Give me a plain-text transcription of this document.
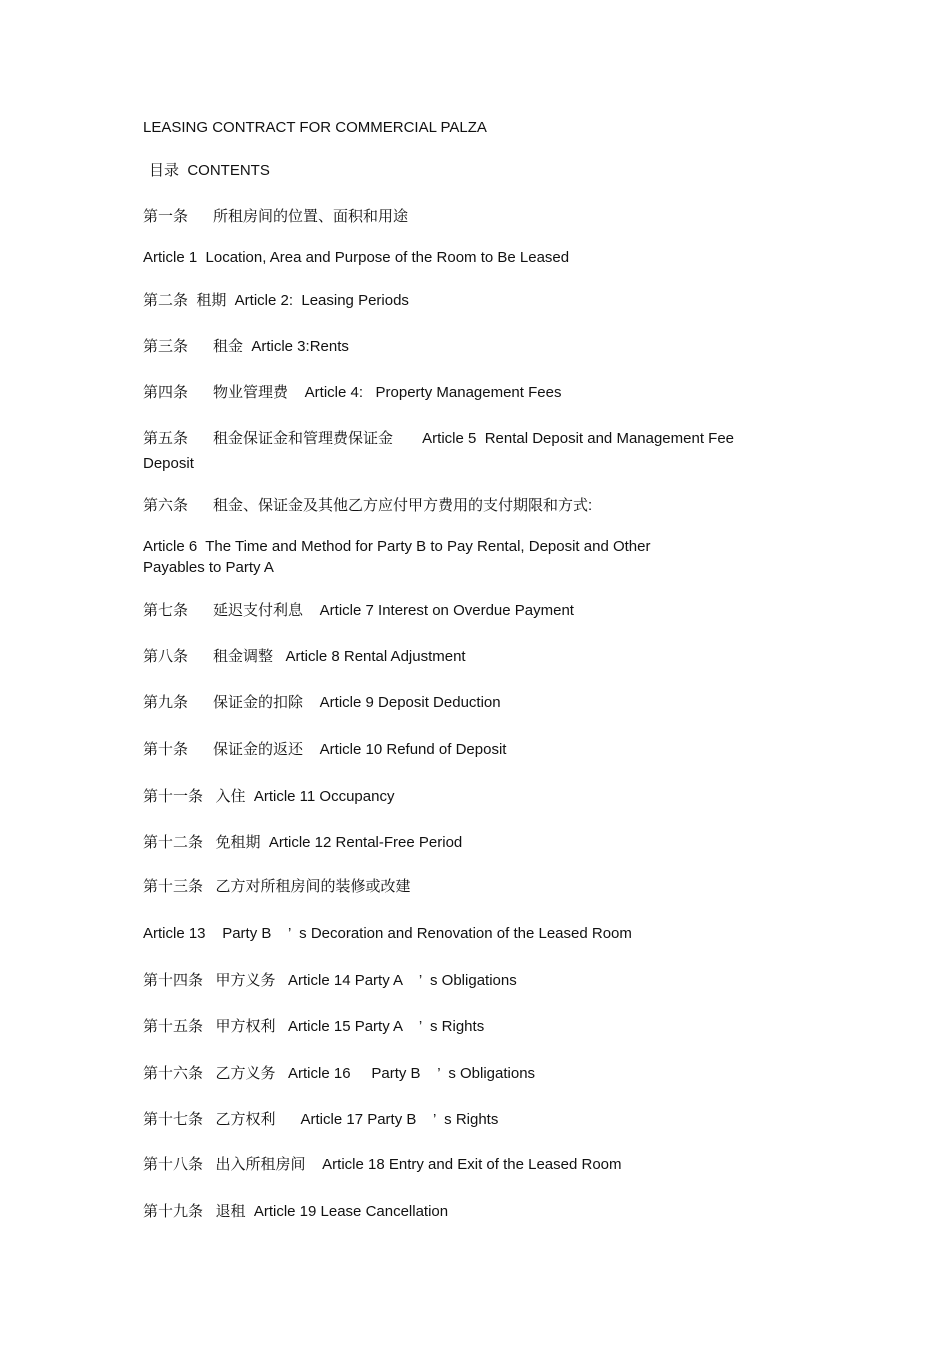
LEASING CONTRACT FOR COMMERCIAL PALZA
目录  CONTENTS
第一条      所租房间的位置、面积和用途
Article 1  Location, Area and Purpose of the Room to Be Leased
第二条  租期  Article 2:  Leasing Periods
第三条      租金  Article 3:Rents
第四条      物业管理费    Article 4:   Property Management Fees
第五条      租金保证金和管理费保证金       Article 5  Rental Deposit and Management Fee
Deposit
第六条      租金、保证金及其他乙方应付甲方费用的支付期限和方式:
Article 6  The Time and Method for Party B to Pay Rental, Deposit and Other
Payables to Party A
第七条      延迟支付利息    Article 7 Interest on Overdue Payment
第八条      租金调整   Article 8 Rental Adjustment
第九条      保证金的扣除    Article 9 Deposit Deduction
第十条      保证金的返还    Article 10 Refund of Deposit
第十一条   入住  Article 11 Occupancy
第十二条   免租期  Article 12 Rental-Free Period
第十三条   乙方对所租房间的装修或改建
Article 13    Party B    ’  s Decoration and Renovation of the Leased Room
第十四条   甲方义务   Article 14 Party A    ’  s Obligations
第十五条   甲方权利   Article 15 Party A    ’  s Rights
第十六条   乙方义务   Article 16     Party B    ’  s Obligations
第十七条   乙方权利      Article 17 Party B    ’  s Rights
第十八条   出入所租房间    Article 18 Entry and Exit of the Leased Room
第十九条   退租  Article 19 Lease Cancellation
